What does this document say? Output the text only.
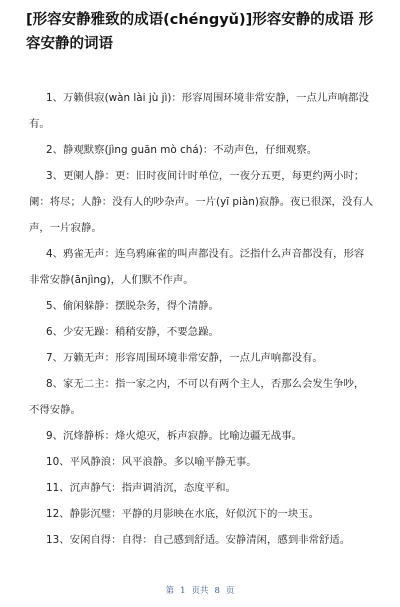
[形容安静雅致的成语(chéngyǔ)]形容安静的成语 形容安静的词语
1、万籁俱寂(wàn lài jù jì)：形容周围环境非常安静，一点儿声响都没有。
2、静观默察(jìng guān mò chá)：不动声色，仔细观察。
3、更阑人静：更：旧时夜间计时单位，一夜分五更，每更约两小时；阑：将尽；人静：没有人的吵杂声。一片(yī piàn)寂静。夜已很深，没有人声，一片寂静。
4、鸦雀无声：连乌鸦麻雀的叫声都没有。泛指什么声音都没有，形容非常安静(ānjìng)，人们默不作声。
5、偷闲躲静：摆脱杂务，得个清静。
6、少安无躁：稍稍安静，不要急躁。
7、万籁无声：形容周围环境非常安静，一点儿声响都没有。
8、家无二主：指一家之内，不可以有两个主人，否那么会发生争吵，不得安静。
9、沉烽静柝：烽火熄灭，柝声寂静。比喻边疆无战事。
10、平风静浪：风平浪静。多以喻平静无事。
11、沉声静气：指声调消沉，态度平和。
12、静影沉璧：平静的月影映在水底，好似沉下的一块玉。
13、安闲自得：自得：自己感到舒适。安静清闲，感到非常舒适。
第 1 页共 8 页
